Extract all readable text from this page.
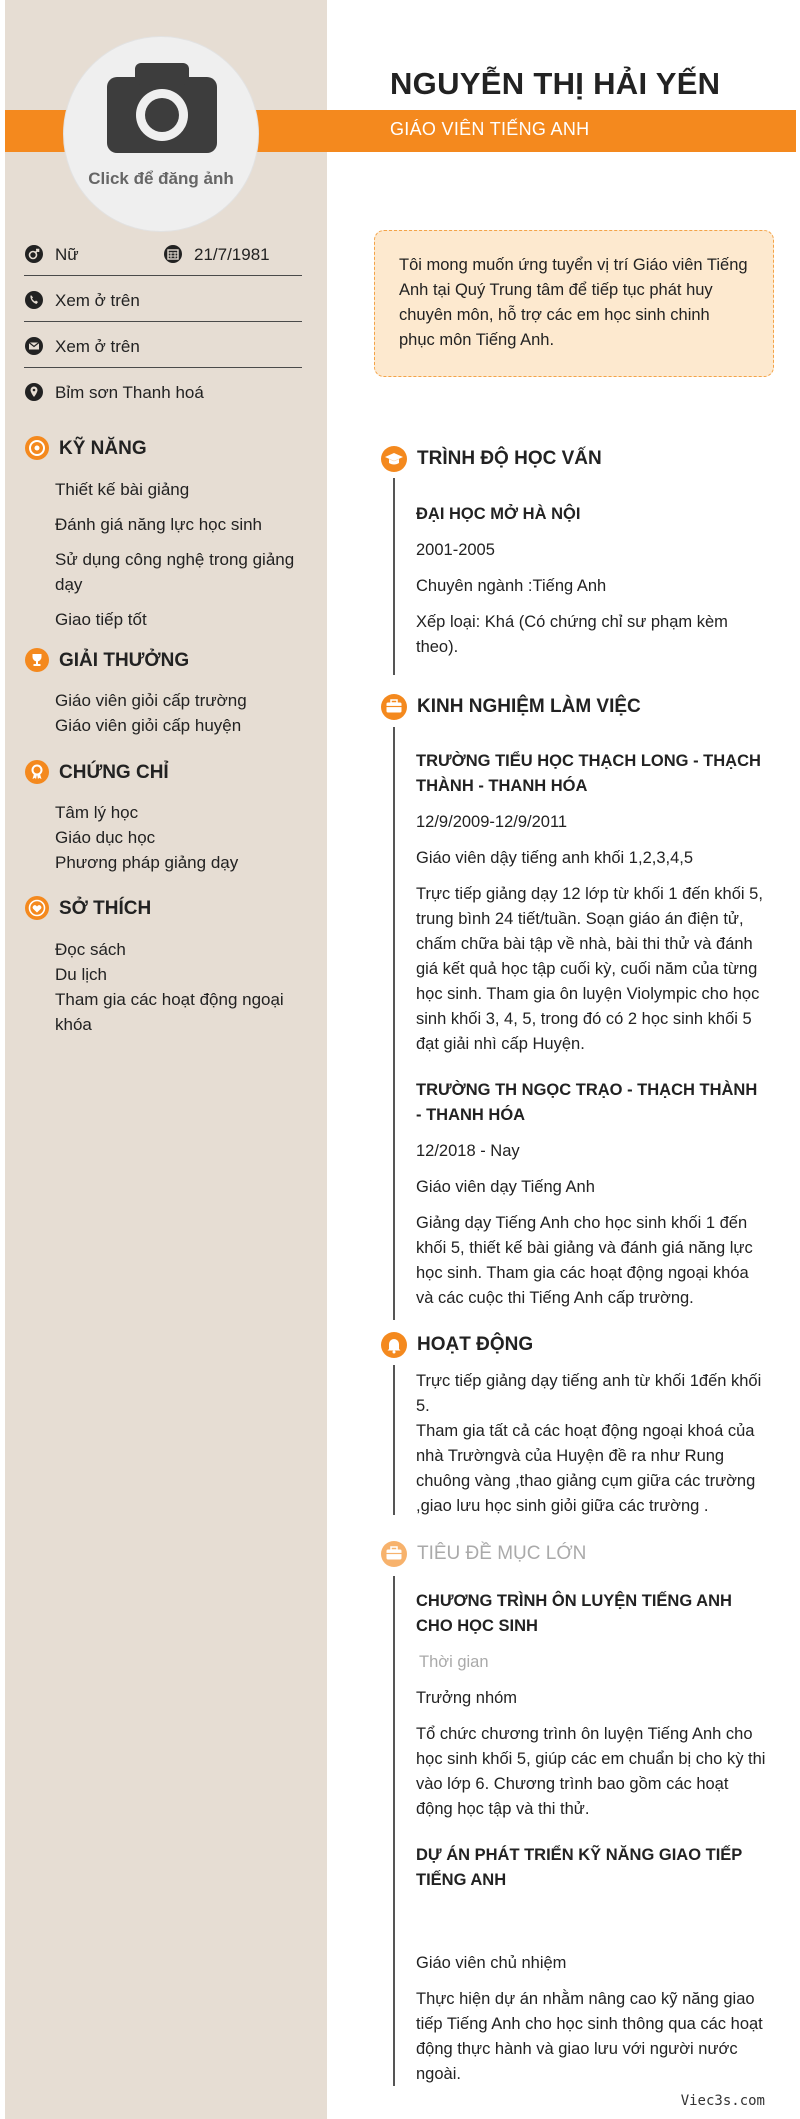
Click để đăng ảnh
NGUYỄN THỊ HẢI YẾN
GIÁO VIÊN TIẾNG ANH
Nữ	21/7/1981
Xem ở trên
Xem ở trên
Bỉm sơn Thanh hoá
KỸ NĂNG
Thiết kế bài giảng
Đánh giá năng lực học sinh
Sử dụng công nghệ trong giảng dạy
Giao tiếp tốt
GIẢI THƯỞNG
Giáo viên giỏi cấp trường
Giáo viên giỏi cấp huyện
CHỨNG CHỈ
Tâm lý học
Giáo dục học
Phương pháp giảng dạy
SỞ THÍCH
Đọc sách
Du lịch
Tham gia các hoạt động ngoại khóa
Tôi mong muốn ứng tuyển vị trí Giáo viên Tiếng Anh tại Quý Trung tâm để tiếp tục phát huy chuyên môn, hỗ trợ các em học sinh chinh phục môn Tiếng Anh.
TRÌNH ĐỘ HỌC VẤN
ĐẠI HỌC MỞ HÀ NỘI
2001-2005
Chuyên ngành :Tiếng Anh
Xếp loại: Khá (Có chứng chỉ sư phạm kèm theo).
KINH NGHIỆM LÀM VIỆC
TRƯỜNG TIỂU HỌC THẠCH LONG - THẠCH THÀNH - THANH HÓA
12/9/2009-12/9/2011
Giáo viên dậy tiếng anh khối 1,2,3,4,5
Trực tiếp giảng dạy 12 lớp từ khối 1 đến khối 5, trung bình 24 tiết/tuần. Soạn giáo án điện tử, chấm chữa bài tập về nhà, bài thi thử và đánh giá kết quả học tập cuối kỳ, cuối năm của từng học sinh. Tham gia ôn luyện Violympic cho học sinh khối 3, 4, 5, trong đó có 2 học sinh khối 5 đạt giải nhì cấp Huyện.
TRƯỜNG TH NGỌC TRẠO - THẠCH THÀNH - THANH HÓA
12/2018 - Nay
Giáo viên dạy Tiếng Anh
Giảng dạy Tiếng Anh cho học sinh khối 1 đến khối 5, thiết kế bài giảng và đánh giá năng lực học sinh. Tham gia các hoạt động ngoại khóa và các cuộc thi Tiếng Anh cấp trường.
HOẠT ĐỘNG
Trực tiếp giảng dạy tiếng anh từ khối 1đến khối 5.
Tham gia tất cả các hoạt động ngoại khoá của nhà Trườngvà của Huyện đề ra như Rung chuông vàng ,thao giảng cụm giữa các trường ,giao lưu học sinh giỏi giữa các trường .
TIÊU ĐỀ MỤC LỚN
CHƯƠNG TRÌNH ÔN LUYỆN TIẾNG ANH CHO HỌC SINH
Thời gian
Trưởng nhóm
Tổ chức chương trình ôn luyện Tiếng Anh cho học sinh khối 5, giúp các em chuẩn bị cho kỳ thi vào lớp 6. Chương trình bao gồm các hoạt động học tập và thi thử.
DỰ ÁN PHÁT TRIỂN KỸ NĂNG GIAO TIẾP TIẾNG ANH
Giáo viên chủ nhiệm
Thực hiện dự án nhằm nâng cao kỹ năng giao tiếp Tiếng Anh cho học sinh thông qua các hoạt động thực hành và giao lưu với người nước ngoài.
Viec3s.com
